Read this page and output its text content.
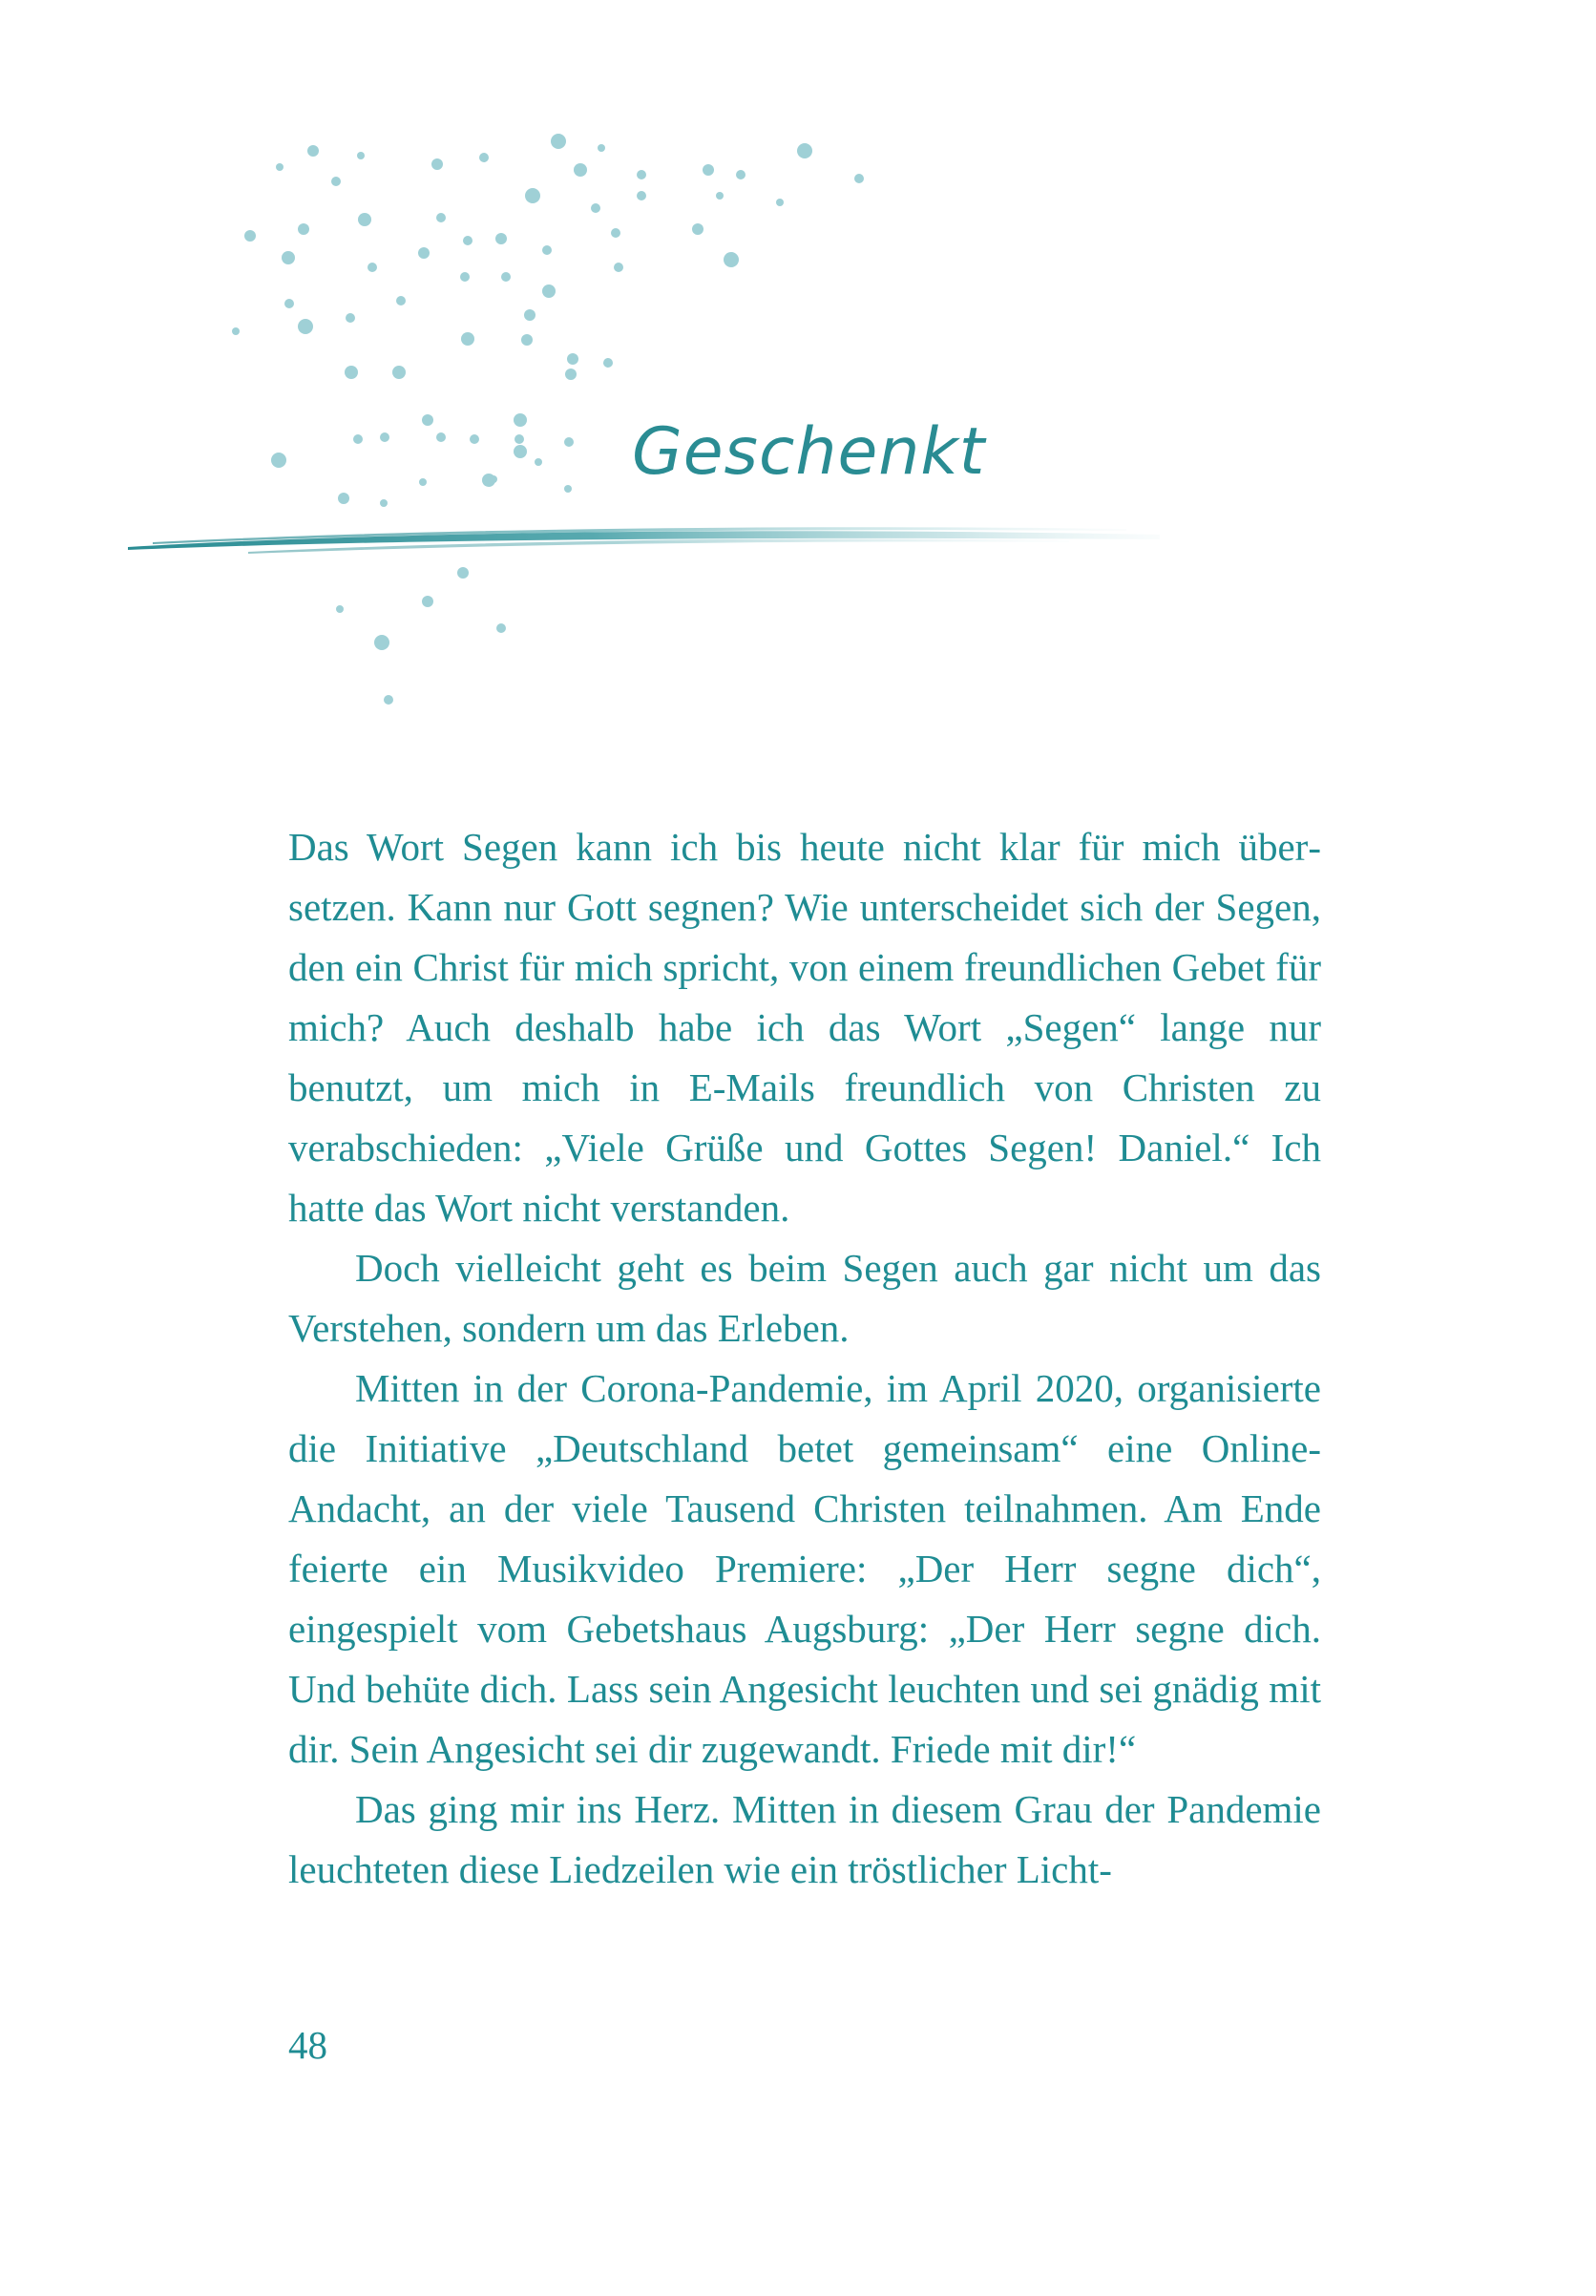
Geschenkt

Das Wort Segen kann ich bis heute nicht klar für mich übersetzen. Kann nur Gott segnen? Wie unterscheidet sich der Segen, den ein Christ für mich spricht, von einem freundlichen Gebet für mich? Auch deshalb habe ich das Wort „Segen“ lange nur benutzt, um mich in E-Mails freundlich von Christen zu verabschieden: „Viele Grüße und Gottes Segen! Daniel.“ Ich hatte das Wort nicht verstanden.

Doch vielleicht geht es beim Segen auch gar nicht um das Verstehen, sondern um das Erleben.

Mitten in der Corona-Pandemie, im April 2020, organisierte die Initiative „Deutschland betet gemeinsam“ eine Online-Andacht, an der viele Tausend Christen teilnahmen. Am Ende feierte ein Musikvideo Premiere: „Der Herr segne dich“, eingespielt vom Gebetshaus Augsburg: „Der Herr segne dich. Und behüte dich. Lass sein Angesicht leuchten und sei gnädig mit dir. Sein Angesicht sei dir zugewandt. Friede mit dir!“

Das ging mir ins Herz. Mitten in diesem Grau der Pandemie leuchteten diese Liedzeilen wie ein tröstlicher Licht-

48
